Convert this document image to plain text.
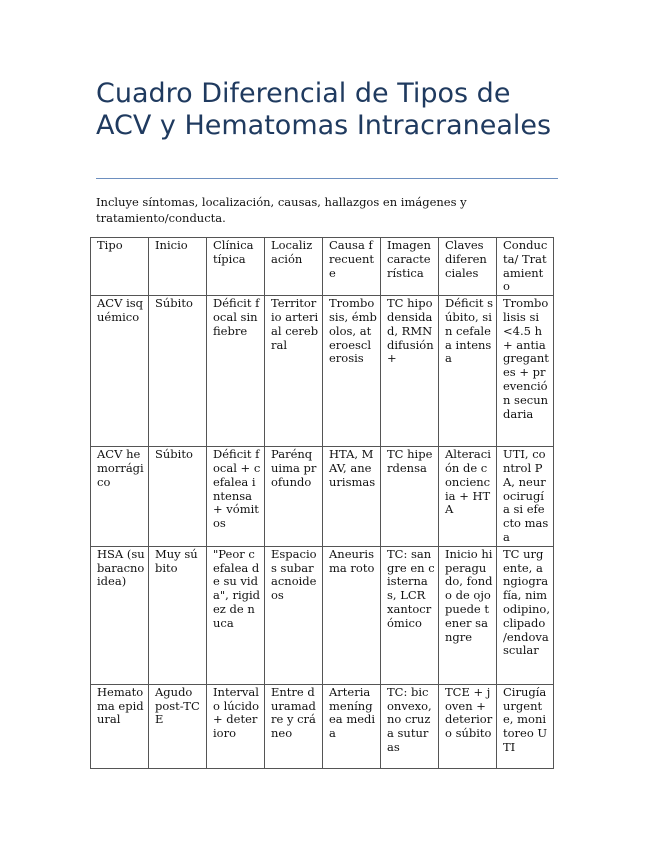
Cuadro Diferencial de Tipos de ACV y Hematomas Intracraneales

Incluye síntomas, localización, causas, hallazgos en imágenes y tratamiento/conducta.

Tipo	Inicio	Clínica típica	Localización	Causa frecuente	Imagen característica	Claves diferenciales	Conducta/ Tratamiento
ACV isquémico	Súbito	Déficit focal sin fiebre	Territorio arterial cerebral	Trombosis, émbolos, ateroesclerosis	TC hipodensidad, RMN difusión +	Déficit súbito, sin cefalea intensa	Trombolisis si <4.5 h + antiagregantes + prevención secundaria
ACV hemorrágico	Súbito	Déficit focal + cefalea intensa + vómitos	Parénquima profundo	HTA, MAV, aneurismas	TC hiperdensa	Alteración de conciencia + HTA	UTI, control PA, neurocirugía si efecto masa
HSA (subaracnoidea)	Muy súbito	"Peor cefalea de su vida", rigidez de nuca	Espacios subaracnoideos	Aneurisma roto	TC: sangre en cisternas, LCR xantocrómico	Inicio hiperagudo, fondo de ojo puede tener sangre	TC urgente, angiografía, nimodipino, clipado /endovascular
Hematoma epidural	Agudo post-TCE	Intervalo lúcido + deterioro	Entre duramadre y cráneo	Arteria meníngea media	TC: biconvexo, no cruza suturas	TCE + joven + deterioro súbito	Cirugía urgente, monitoreo UTI
